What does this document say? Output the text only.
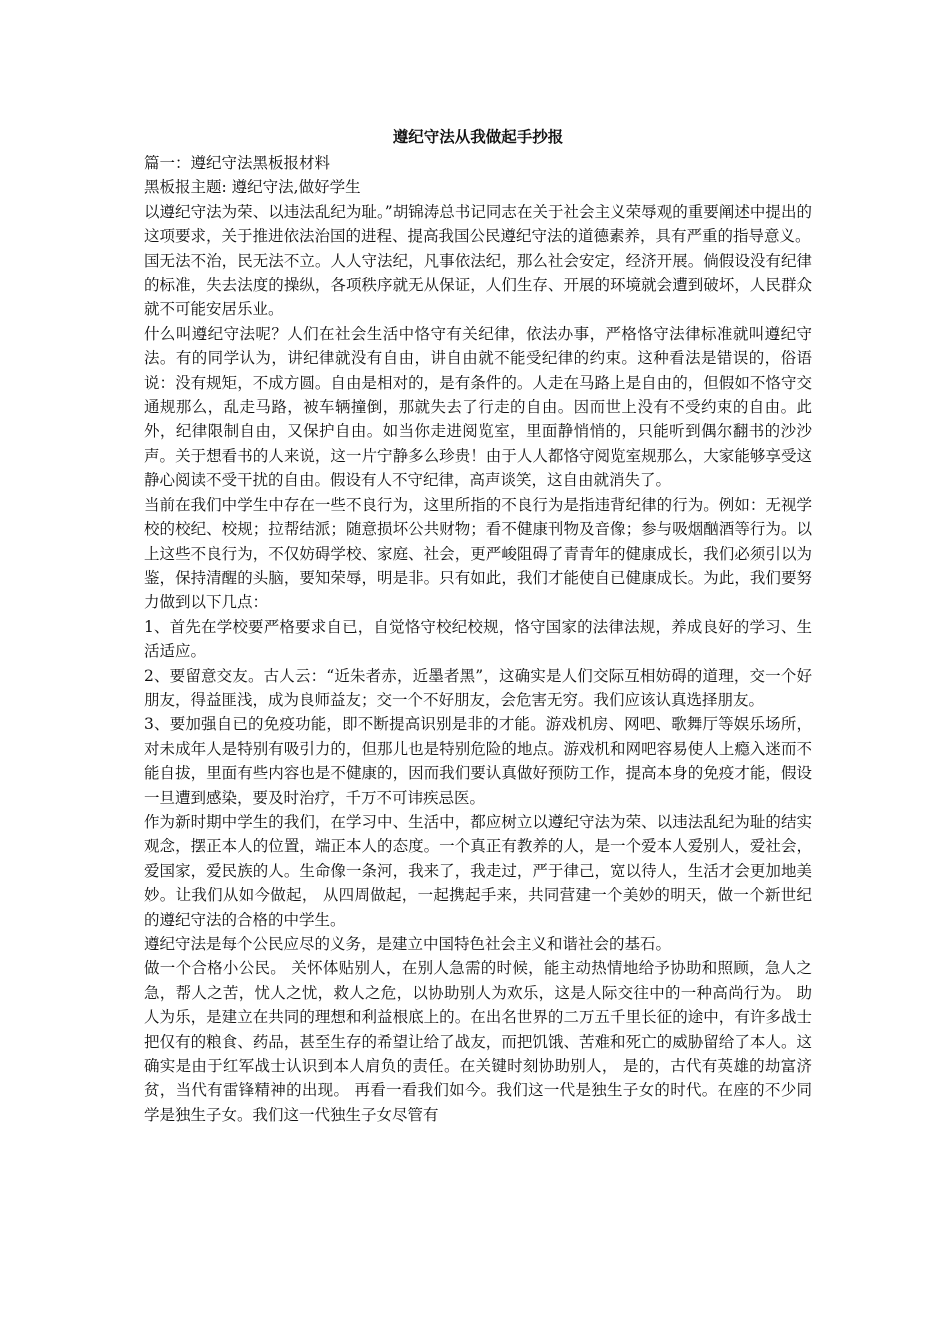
遵纪守法从我做起手抄报

篇一：遵纪守法黑板报材料

黑板报主题: 遵纪守法,做好学生

以遵纪守法为荣、以违法乱纪为耻。”胡锦涛总书记同志在关于社会主义荣辱观的重要阐述中提出的这项要求，关于推进依法治国的进程、提高我国公民遵纪守法的道德素养，具有严重的指导意义。

国无法不治，民无法不立。人人守法纪，凡事依法纪，那么社会安定，经济开展。倘假设没有纪律的标准，失去法度的操纵，各项秩序就无从保证，人们生存、开展的环境就会遭到破坏，人民群众就不可能安居乐业。

什么叫遵纪守法呢？人们在社会生活中恪守有关纪律，依法办事，严格恪守法律标准就叫遵纪守法。有的同学认为，讲纪律就没有自由，讲自由就不能受纪律的约束。这种看法是错误的，俗语说：没有规矩，不成方圆。自由是相对的，是有条件的。人走在马路上是自由的，但假如不恪守交通规那么，乱走马路，被车辆撞倒，那就失去了行走的自由。因而世上没有不受约束的自由。此外，纪律限制自由，又保护自由。如当你走进阅览室，里面静悄悄的，只能听到偶尔翻书的沙沙声。关于想看书的人来说，这一片宁静多么珍贵！由于人人都恪守阅览室规那么，大家能够享受这静心阅读不受干扰的自由。假设有人不守纪律，高声谈笑，这自由就消失了。

当前在我们中学生中存在一些不良行为，这里所指的不良行为是指违背纪律的行为。例如：无视学校的校纪、校规；拉帮结派；随意损坏公共财物；看不健康刊物及音像；参与吸烟酗酒等行为。以上这些不良行为，不仅妨碍学校、家庭、社会，更严峻阻碍了青青年的健康成长，我们必须引以为鉴，保持清醒的头脑，要知荣辱，明是非。只有如此，我们才能使自已健康成长。为此，我们要努力做到以下几点：

1、首先在学校要严格要求自已，自觉恪守校纪校规，恪守国家的法律法规，养成良好的学习、生活适应。

2、要留意交友。古人云：“近朱者赤，近墨者黑”，这确实是人们交际互相妨碍的道理，交一个好朋友，得益匪浅，成为良师益友；交一个不好朋友，会危害无穷。我们应该认真选择朋友。

3、要加强自已的免疫功能，即不断提高识别是非的才能。游戏机房、网吧、歌舞厅等娱乐场所，对未成年人是特别有吸引力的，但那儿也是特别危险的地点。游戏机和网吧容易使人上瘾入迷而不能自拔，里面有些内容也是不健康的，因而我们要认真做好预防工作，提高本身的免疫才能，假设一旦遭到感染，要及时治疗，千万不可讳疾忌医。

作为新时期中学生的我们，在学习中、生活中，都应树立以遵纪守法为荣、以违法乱纪为耻的结实观念，摆正本人的位置，端正本人的态度。一个真正有教养的人，是一个爱本人爱别人，爱社会，爱国家，爱民族的人。生命像一条河，我来了，我走过，严于律己，宽以待人，生活才会更加地美妙。让我们从如今做起， 从四周做起，一起携起手来，共同营建一个美妙的明天，做一个新世纪的遵纪守法的合格的中学生。

遵纪守法是每个公民应尽的义务，是建立中国特色社会主义和谐社会的基石。

做一个合格小公民。 关怀体贴别人，在别人急需的时候，能主动热情地给予协助和照顾，急人之急，帮人之苦，忧人之忧，救人之危，以协助别人为欢乐，这是人际交往中的一种高尚行为。 助人为乐，是建立在共同的理想和利益根底上的。在出名世界的二万五千里长征的途中，有许多战士把仅有的粮食、药品，甚至生存的希望让给了战友，而把饥饿、苦难和死亡的威胁留给了本人。这确实是由于红军战士认识到本人肩负的责任。在关键时刻协助别人， 是的，古代有英雄的劫富济贫，当代有雷锋精神的出现。 再看一看我们如今。我们这一代是独生子女的时代。在座的不少同学是独生子女。我们这一代独生子女尽管有
